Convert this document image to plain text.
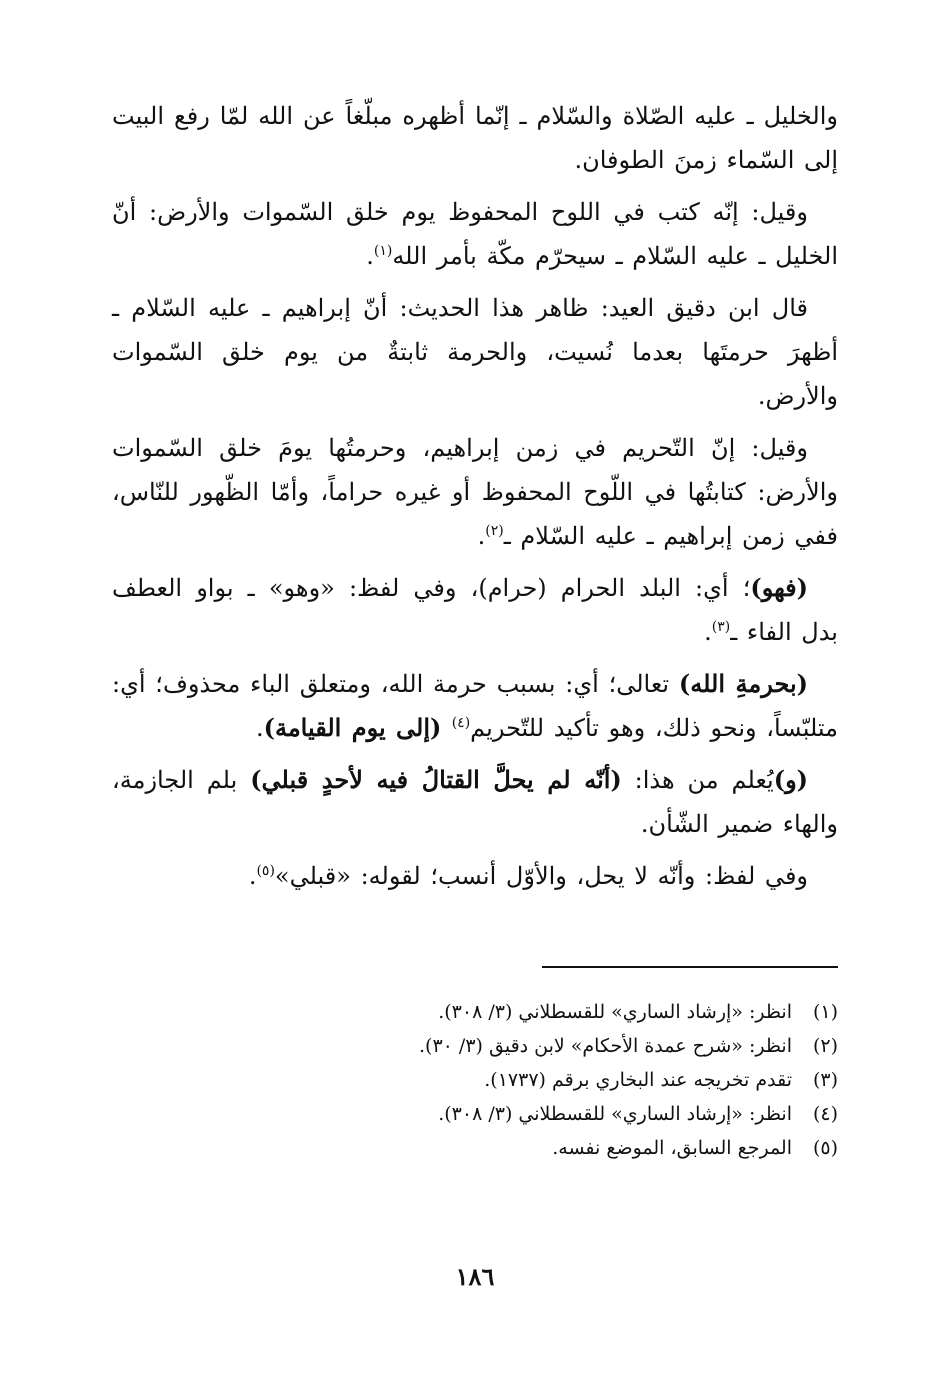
والخليل ـ عليه الصّلاة والسّلام ـ إنّما أظهره مبلّغاً عن الله لمّا رفع البيت إلى السّماء زمنَ الطوفان.

وقيل: إنّه كتب في اللوح المحفوظ يوم خلق السّموات والأرض: أنّ الخليل ـ عليه السّلام ـ سيحرّم مكّة بأمر الله$^{(١)}$.

قال ابن دقيق العيد: ظاهر هذا الحديث: أنّ إبراهيم ـ عليه السّلام ـ أظهرَ حرمتَها بعدما نُسيت، والحرمة ثابتةٌ من يوم خلق السّموات والأرض.

وقيل: إنّ التّحريم في زمن إبراهيم، وحرمتُها يومَ خلق السّموات والأرض: كتابتُها في اللّوح المحفوظ أو غيره حراماً، وأمّا الظّهور للنّاس، ففي زمن إبراهيم ـ عليه السّلام ـ$^{(٢)}$.

(فهو)؛ أي: البلد الحرام (حرام)، وفي لفظ: «وهو» ـ بواو العطف بدل الفاء ـ$^{(٣)}$.

(بحرمةِ الله) تعالى؛ أي: بسبب حرمة الله، ومتعلق الباء محذوف؛ أي: متلبّساً، ونحو ذلك، وهو تأكيد للتّحريم$^{(٤)}$ (إلى يوم القيامة).

(و)يُعلم من هذا: (أنّه لم يحلَّ القتالُ فيه لأحدٍ قبلي) بلم الجازمة، والهاء ضمير الشّأن.

وفي لفظ: وأنّه لا يحل، والأوّل أنسب؛ لقوله: «قبلي»$^{(٥)}$.

(١)
انظر: «إرشاد الساري» للقسطلاني (٣/ ٣٠٨).
(٢)
انظر: «شرح عمدة الأحكام» لابن دقيق (٣/ ٣٠).
(٣)
تقدم تخريجه عند البخاري برقم (١٧٣٧).
(٤)
انظر: «إرشاد الساري» للقسطلاني (٣/ ٣٠٨).
(٥)
المرجع السابق، الموضع نفسه.
١٨٦
